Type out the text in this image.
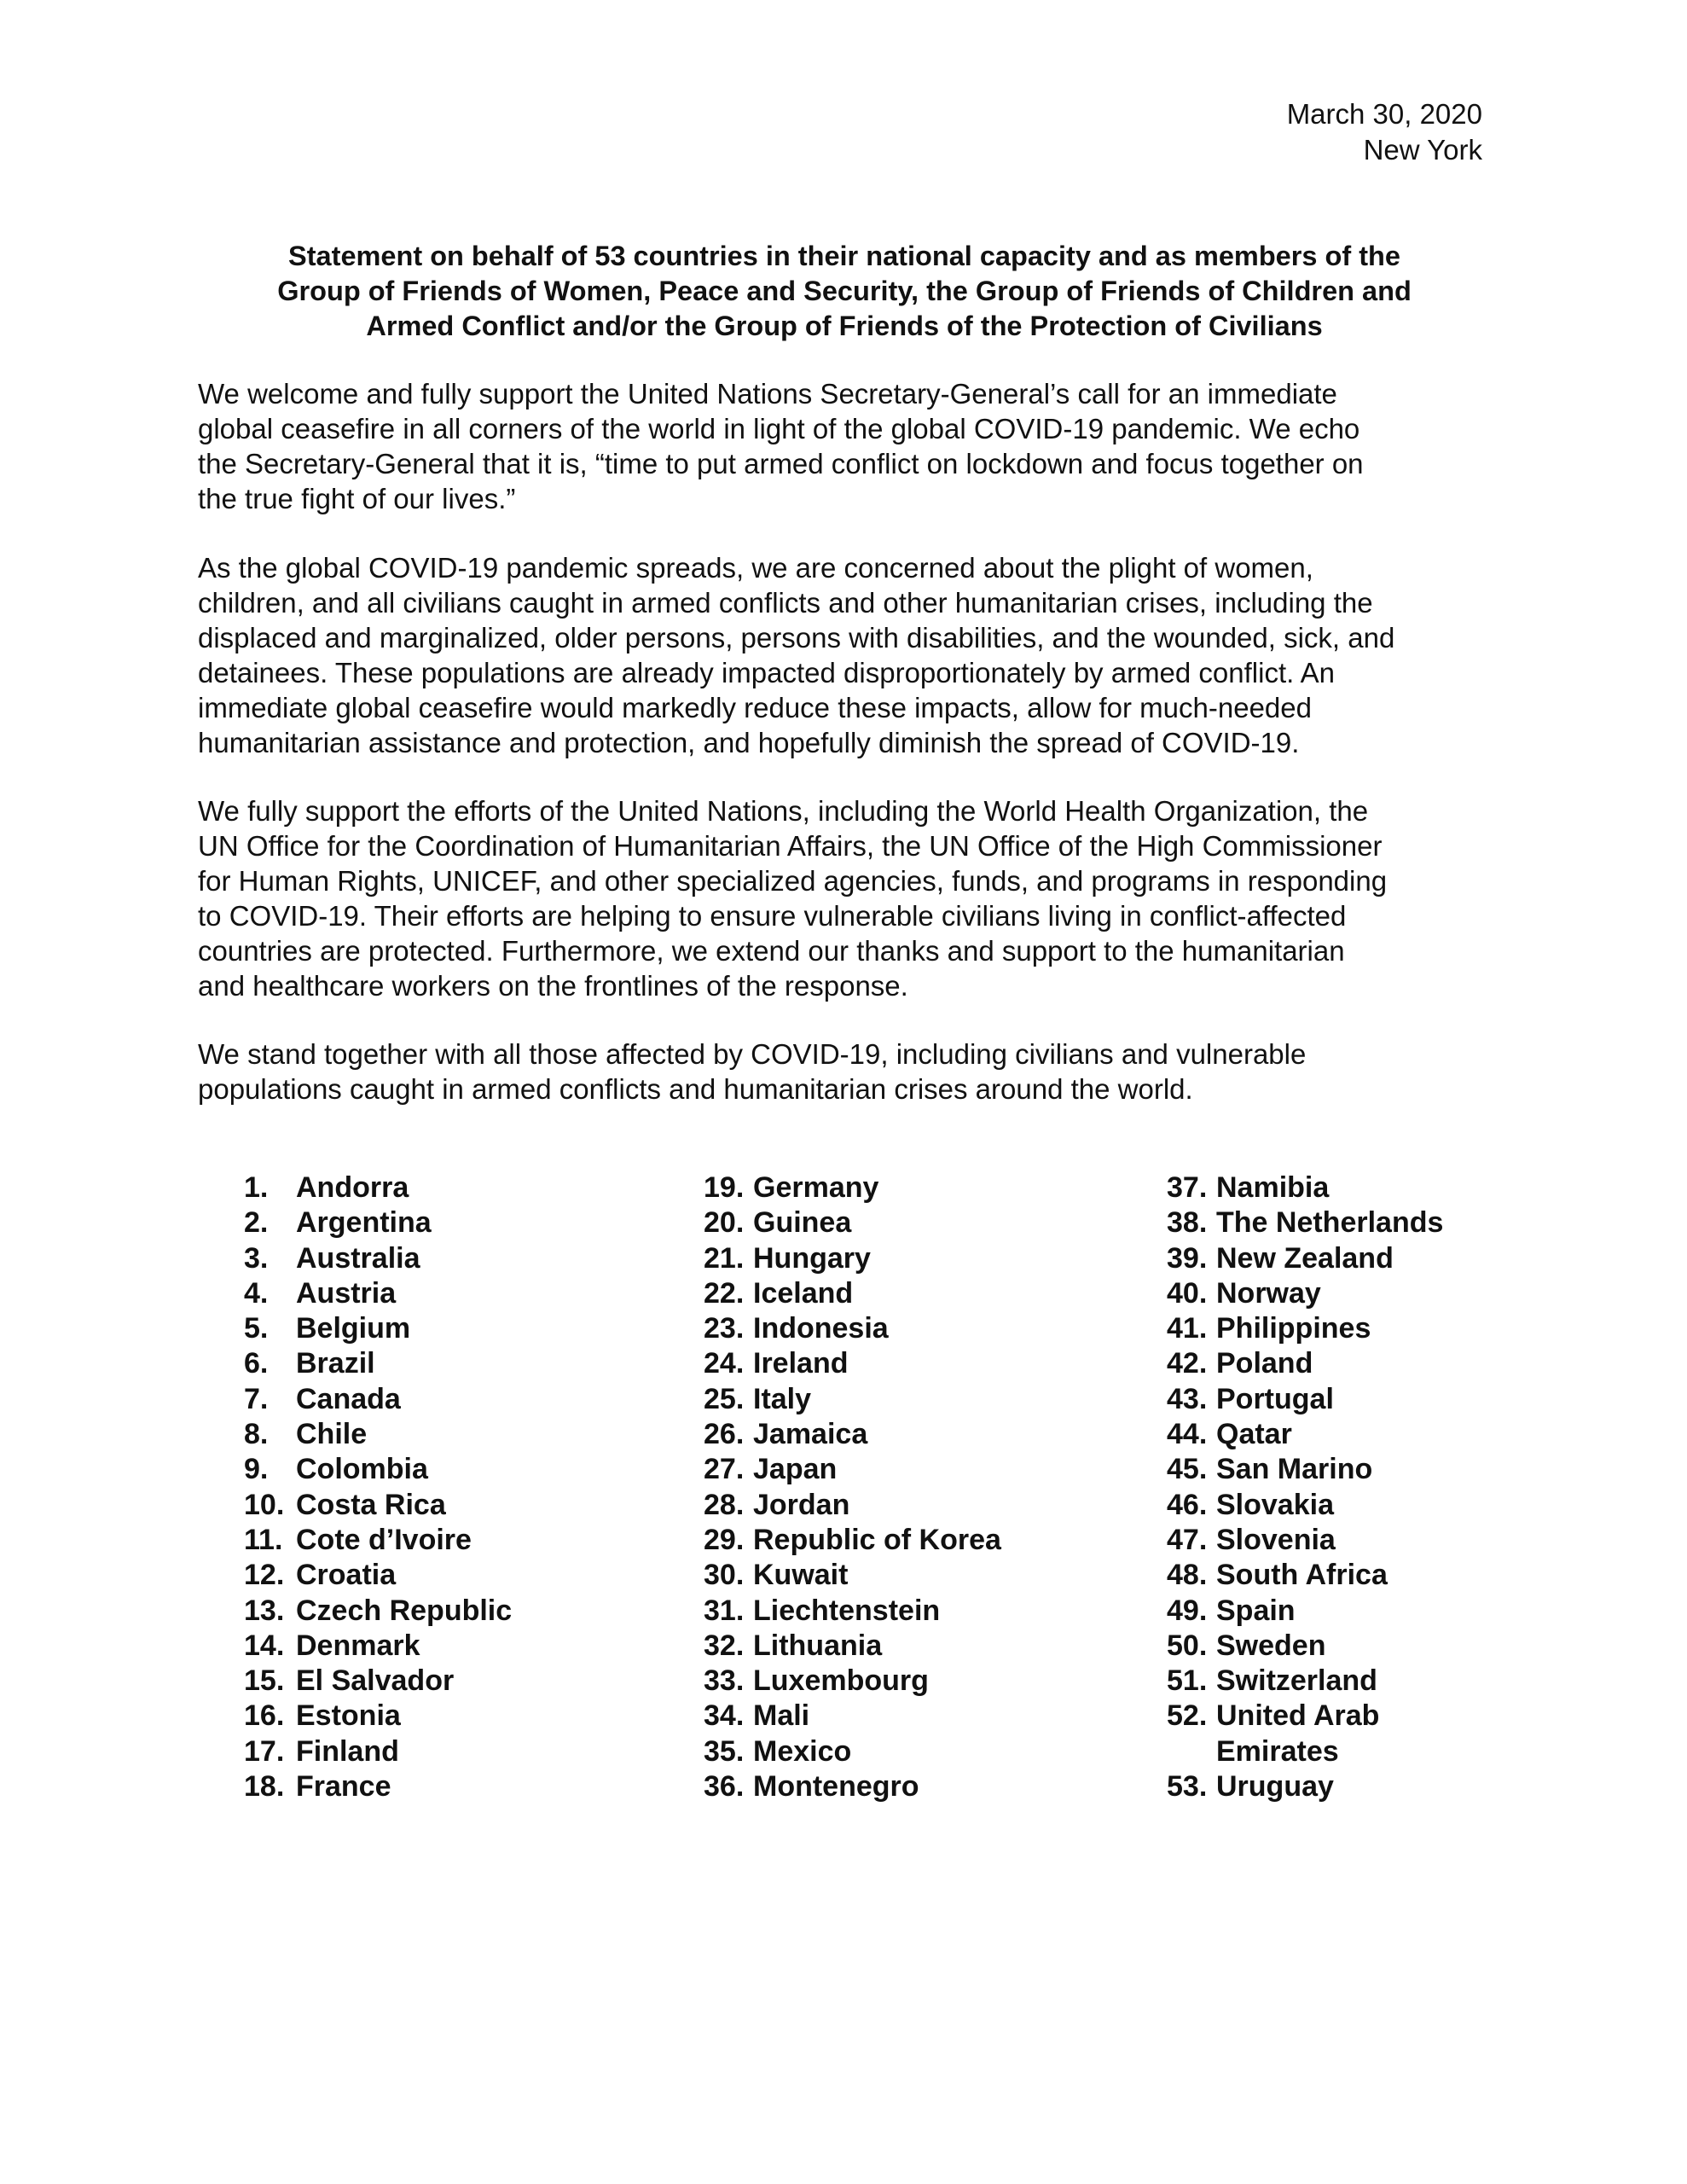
March 30, 2020
New York
Statement on behalf of 53 countries in their national capacity and as members of the
Group of Friends of Women, Peace and Security, the Group of Friends of Children and
Armed Conflict and/or the Group of Friends of the Protection of Civilians
We welcome and fully support the United Nations Secretary-General’s call for an immediate
global ceasefire in all corners of the world in light of the global COVID-19 pandemic. We echo
the Secretary-General that it is, “time to put armed conflict on lockdown and focus together on
the true fight of our lives.”
As the global COVID-19 pandemic spreads, we are concerned about the plight of women,
children, and all civilians caught in armed conflicts and other humanitarian crises, including the
displaced and marginalized, older persons, persons with disabilities, and the wounded, sick, and
detainees. These populations are already impacted disproportionately by armed conflict. An
immediate global ceasefire would markedly reduce these impacts, allow for much-needed
humanitarian assistance and protection, and hopefully diminish the spread of COVID-19.
We fully support the efforts of the United Nations, including the World Health Organization, the
UN Office for the Coordination of Humanitarian Affairs, the UN Office of the High Commissioner
for Human Rights, UNICEF, and other specialized agencies, funds, and programs in responding
to COVID-19. Their efforts are helping to ensure vulnerable civilians living in conflict-affected
countries are protected. Furthermore, we extend our thanks and support to the humanitarian
and healthcare workers on the frontlines of the response.
We stand together with all those affected by COVID-19, including civilians and vulnerable
populations caught in armed conflicts and humanitarian crises around the world.
1. Andorra
2. Argentina
3. Australia
4. Austria
5. Belgium
6. Brazil
7. Canada
8. Chile
9. Colombia
10. Costa Rica
11. Cote d’Ivoire
12. Croatia
13. Czech Republic
14. Denmark
15. El Salvador
16. Estonia
17. Finland
18. France
19. Germany
20. Guinea
21. Hungary
22. Iceland
23. Indonesia
24. Ireland
25. Italy
26. Jamaica
27. Japan
28. Jordan
29. Republic of Korea
30. Kuwait
31. Liechtenstein
32. Lithuania
33. Luxembourg
34. Mali
35. Mexico
36. Montenegro
37. Namibia
38. The Netherlands
39. New Zealand
40. Norway
41. Philippines
42. Poland
43. Portugal
44. Qatar
45. San Marino
46. Slovakia
47. Slovenia
48. South Africa
49. Spain
50. Sweden
51. Switzerland
52. United Arab
Emirates
53. Uruguay
